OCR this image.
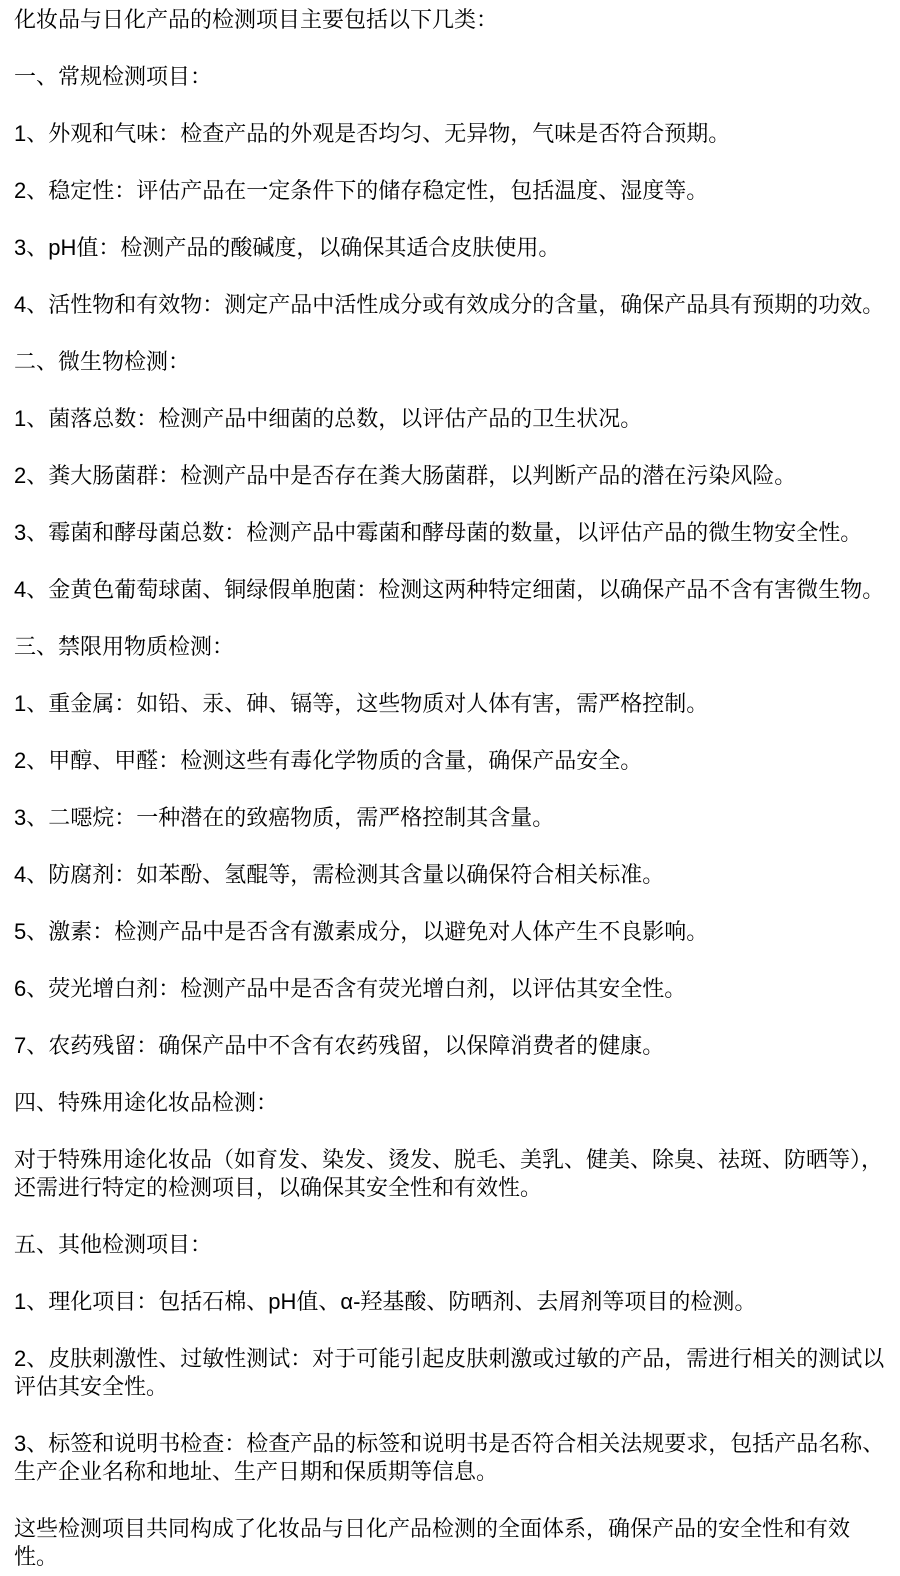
化妆品与日化产品的检测项目主要包括以下几类：

一、常规检测项目：

1、外观和气味：检查产品的外观是否均匀、无异物，气味是否符合预期。

2、稳定性：评估产品在一定条件下的储存稳定性，包括温度、湿度等。

3、pH值：检测产品的酸碱度，以确保其适合皮肤使用。

4、活性物和有效物：测定产品中活性成分或有效成分的含量，确保产品具有预期的功效。

二、微生物检测：

1、菌落总数：检测产品中细菌的总数，以评估产品的卫生状况。

2、粪大肠菌群：检测产品中是否存在粪大肠菌群，以判断产品的潜在污染风险。

3、霉菌和酵母菌总数：检测产品中霉菌和酵母菌的数量，以评估产品的微生物安全性。

4、金黄色葡萄球菌、铜绿假单胞菌：检测这两种特定细菌，以确保产品不含有害微生物。

三、禁限用物质检测：

1、重金属：如铅、汞、砷、镉等，这些物质对人体有害，需严格控制。

2、甲醇、甲醛：检测这些有毒化学物质的含量，确保产品安全。

3、二噁烷：一种潜在的致癌物质，需严格控制其含量。

4、防腐剂：如苯酚、氢醌等，需检测其含量以确保符合相关标准。

5、激素：检测产品中是否含有激素成分，以避免对人体产生不良影响。

6、荧光增白剂：检测产品中是否含有荧光增白剂，以评估其安全性。

7、农药残留：确保产品中不含有农药残留，以保障消费者的健康。

四、特殊用途化妆品检测：

对于特殊用途化妆品（如育发、染发、烫发、脱毛、美乳、健美、除臭、祛斑、防晒等），还需进行特定的检测项目，以确保其安全性和有效性。

五、其他检测项目：

1、理化项目：包括石棉、pH值、α-羟基酸、防晒剂、去屑剂等项目的检测。

2、皮肤刺激性、过敏性测试：对于可能引起皮肤刺激或过敏的产品，需进行相关的测试以评估其安全性。

3、标签和说明书检查：检查产品的标签和说明书是否符合相关法规要求，包括产品名称、生产企业名称和地址、生产日期和保质期等信息。

这些检测项目共同构成了化妆品与日化产品检测的全面体系，确保产品的安全性和有效性。
